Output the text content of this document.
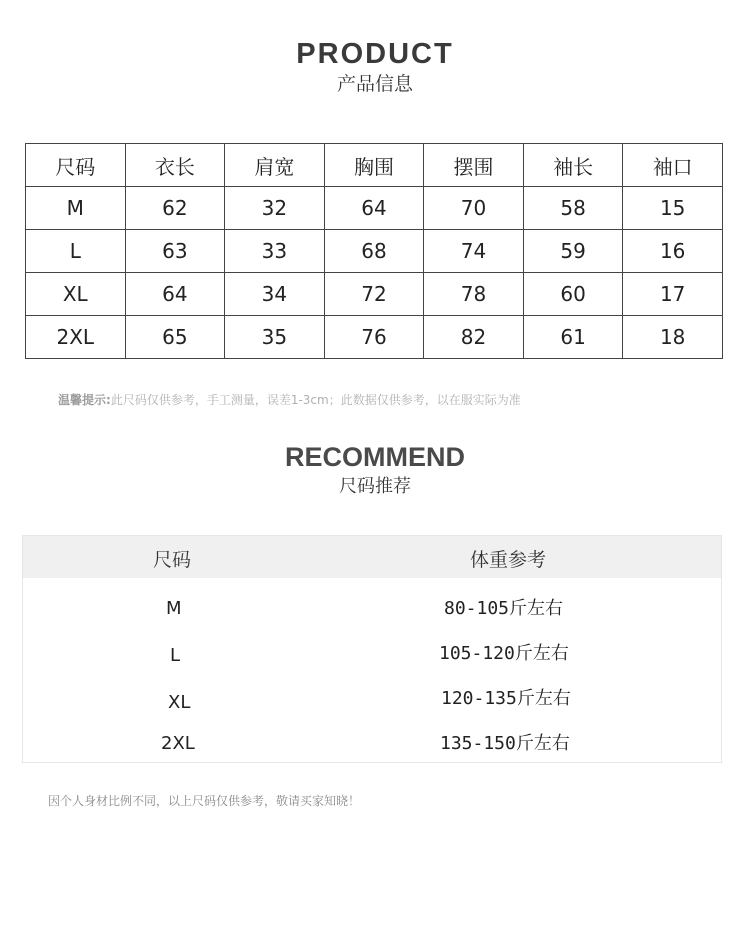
PRODUCT
产品信息
尺码	衣长	肩宽	胸围	摆围	袖长	袖口
M	62	32	64	70	58	15
L	63	33	68	74	59	16
XL	64	34	72	78	60	17
2XL	65	35	76	82	61	18
温馨提示:此尺码仅供参考，手工测量，误差1-3cm；此数据仅供参考，以在服实际为准
RECOMMEND
尺码推荐
尺码	体重参考
M	80-105斤左右
L	105-120斤左右
XL	120-135斤左右
2XL	135-150斤左右
因个人身材比例不同，以上尺码仅供参考，敬请买家知晓！
